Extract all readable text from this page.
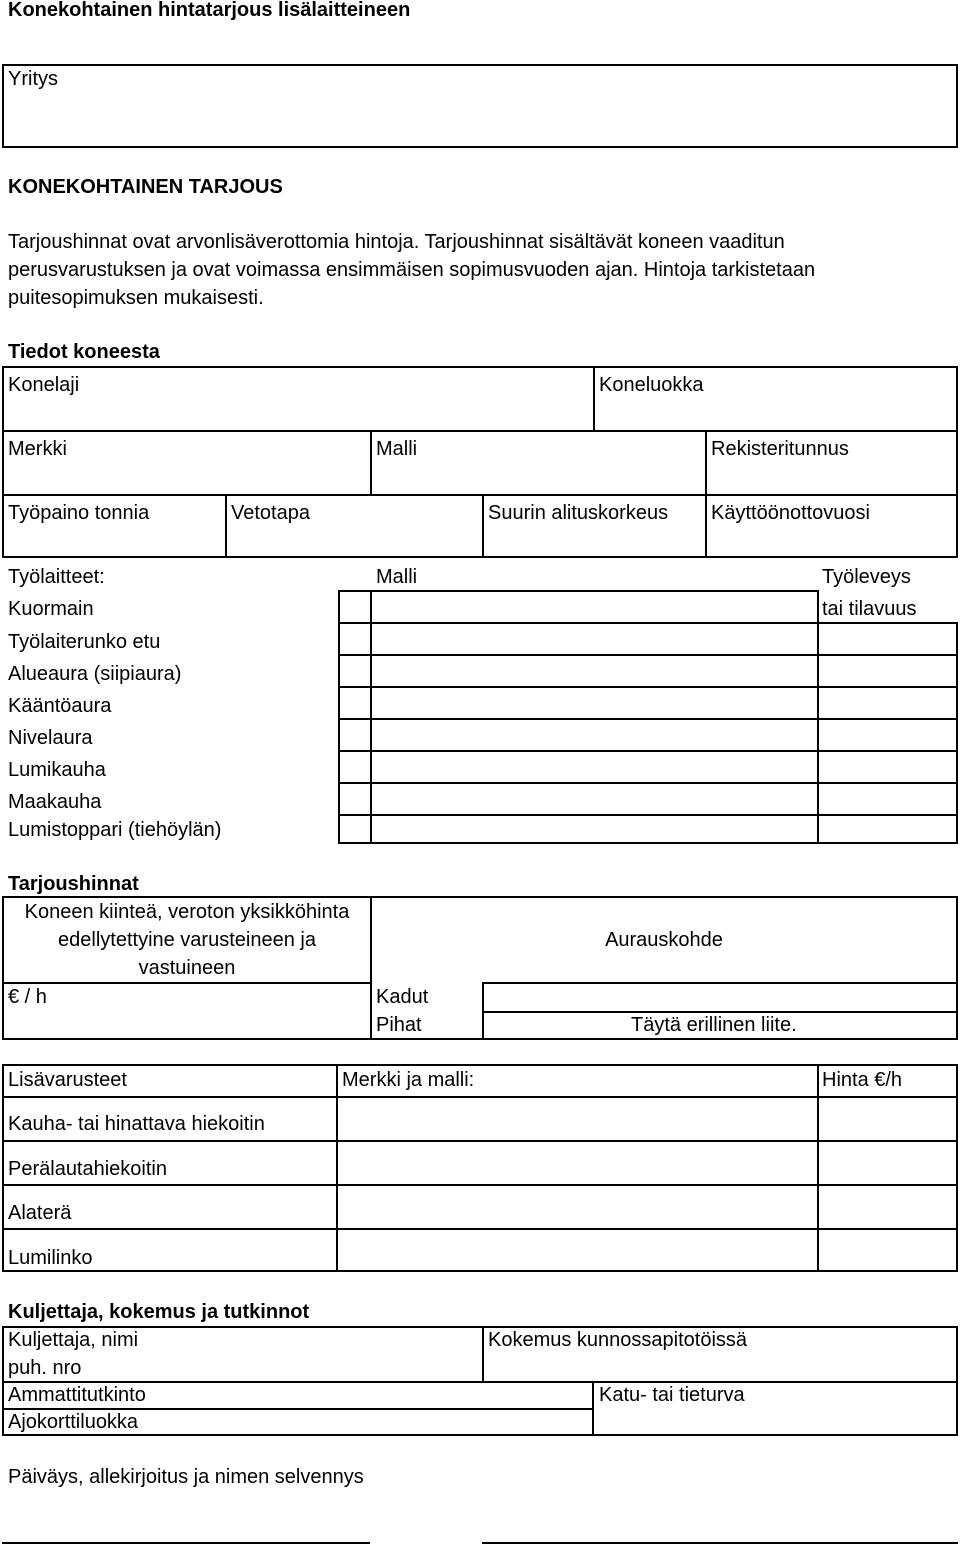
Konekohtainen hintatarjous lisälaitteineen
Yritys
KONEKOHTAINEN TARJOUS
Tarjoushinnat ovat arvonlisäverottomia hintoja. Tarjoushinnat sisältävät koneen vaaditun
perusvarustuksen ja ovat voimassa ensimmäisen sopimusvuoden ajan. Hintoja tarkistetaan
puitesopimuksen mukaisesti.
Tiedot koneesta
Konelaji	Koneluokka
Merkki	Malli	Rekisteritunnus
Työpaino tonnia	Vetotapa	Suurin alituskorkeus Käyttöönottovuosi
Työlaitteet:	Malli	Työleveys
tai tilavuus
Kuormain
Työlaiterunko etu
Alueaura (siipiaura)
Kääntöaura
Nivelaura
Lumikauha
Maakauha
Lumistoppari (tiehöylän)
Tarjoushinnat
Koneen kiinteä, veroton yksikköhinta
edellytettyine varusteineen ja
vastuineen
€ / h
Aurauskohde
Kadut
Pihat	Täytä erillinen liite.
Lisävarusteet	Merkki ja malli:	Hinta €/h
Kauha- tai hinattava hiekoitin
Perälautahiekoitin
Alaterä
Lumilinko
Kuljettaja, kokemus ja tutkinnot
Kuljettaja, nimi
puh. nro
Kokemus kunnossapitotöissä
Ammattitutkinto	Katu- tai tieturva
Ajokorttiluokka
Päiväys, allekirjoitus ja nimen selvennys
